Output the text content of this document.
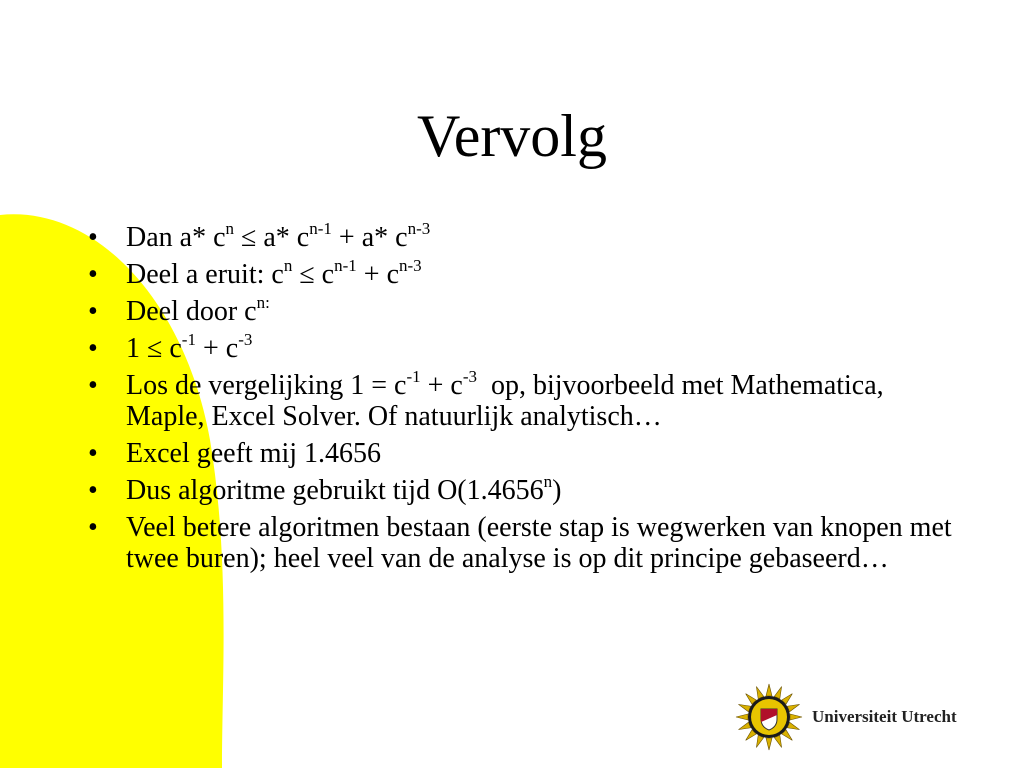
Vervolg
• Dan a* $c^n \le a*$ $c^{n-1} + a*$ $c^{n-3}$
• Deel a eruit: $c^n \le c^{n-1} + c^{n-3}$
• Deel door $c^{n:}$
• $1 \le c^{-1} + c^{-3}$
• Los de vergelijking $1 = c^{-1} + c^{-3}$  op, bijvoorbeeld met Mathematica, Maple, Excel Solver. Of natuurlijk analytisch…
• Excel geeft mij 1.4656
• Dus algoritme gebruikt tijd O(1.4656$^n$)
• Veel betere algoritmen bestaan (eerste stap is wegwerken van knopen met twee buren); heel veel van de analyse is op dit principe gebaseerd…
Universiteit Utrecht
